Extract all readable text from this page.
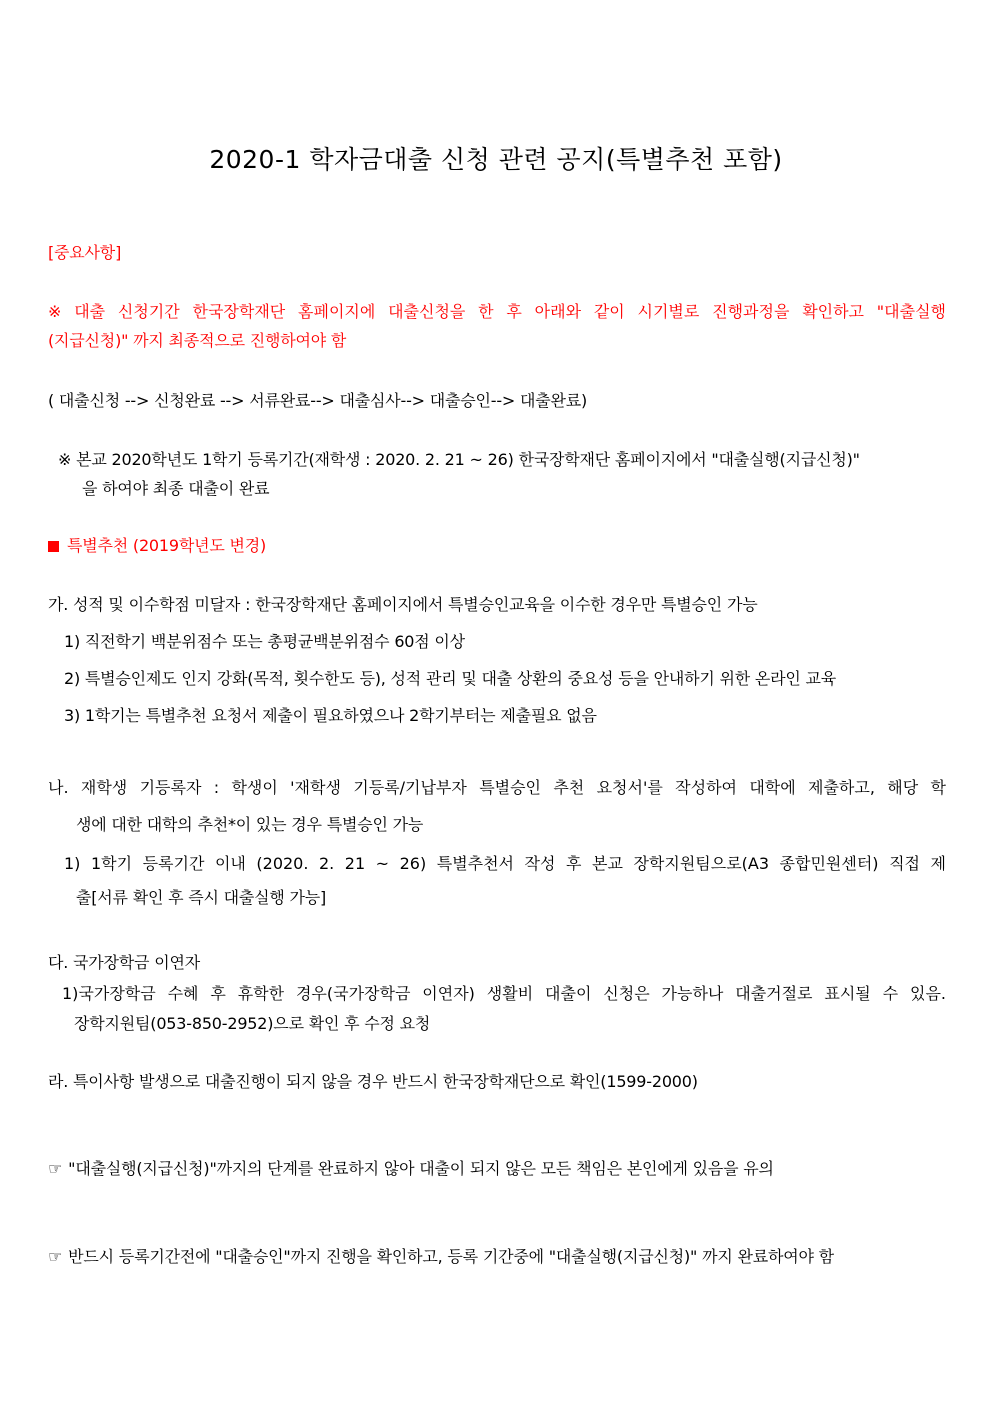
2020-1 학자금대출 신청 관련 공지(특별추천 포함)
[중요사항]
※ 대출 신청기간 한국장학재단 홈페이지에 대출신청을 한 후 아래와 같이 시기별로 진행과정을 확인하고 "대출실행
(지급신청)" 까지 최종적으로 진행하여야 함
( 대출신청 --> 신청완료 --> 서류완료--> 대출심사--> 대출승인--> 대출완료)
※ 본교 2020학년도 1학기 등록기간(재학생 : 2020. 2. 21 ~ 26) 한국장학재단 홈페이지에서 "대출실행(지급신청)"
을 하여야 최종 대출이 완료
특별추천 (2019학년도 변경)
가. 성적 및 이수학점 미달자 : 한국장학재단 홈페이지에서 특별승인교육을 이수한 경우만 특별승인 가능
1) 직전학기 백분위점수 또는 총평균백분위점수 60점 이상
2) 특별승인제도 인지 강화(목적, 횟수한도 등), 성적 관리 및 대출 상환의 중요성 등을 안내하기 위한 온라인 교육
3) 1학기는 특별추천 요청서 제출이 필요하였으나 2학기부터는 제출필요 없음
나. 재학생 기등록자 : 학생이 '재학생 기등록/기납부자 특별승인 추천 요청서'를 작성하여 대학에 제출하고, 해당 학
생에 대한 대학의 추천*이 있는 경우 특별승인 가능
1) 1학기 등록기간 이내 (2020. 2. 21 ~ 26) 특별추천서 작성 후 본교 장학지원팀으로(A3 종합민원센터) 직접 제
출[서류 확인 후 즉시 대출실행 가능]
다. 국가장학금 이연자
1)국가장학금 수혜 후 휴학한 경우(국가장학금 이연자) 생활비 대출이 신청은 가능하나 대출거절로 표시될 수 있음.
장학지원팀(053-850-2952)으로 확인 후 수정 요청
라. 특이사항 발생으로 대출진행이 되지 않을 경우 반드시 한국장학재단으로 확인(1599-2000)
☞ "대출실행(지급신청)"까지의 단계를 완료하지 않아 대출이 되지 않은 모든 책임은 본인에게 있음을 유의
☞ 반드시 등록기간전에 "대출승인"까지 진행을 확인하고, 등록 기간중에 "대출실행(지급신청)" 까지 완료하여야 함
